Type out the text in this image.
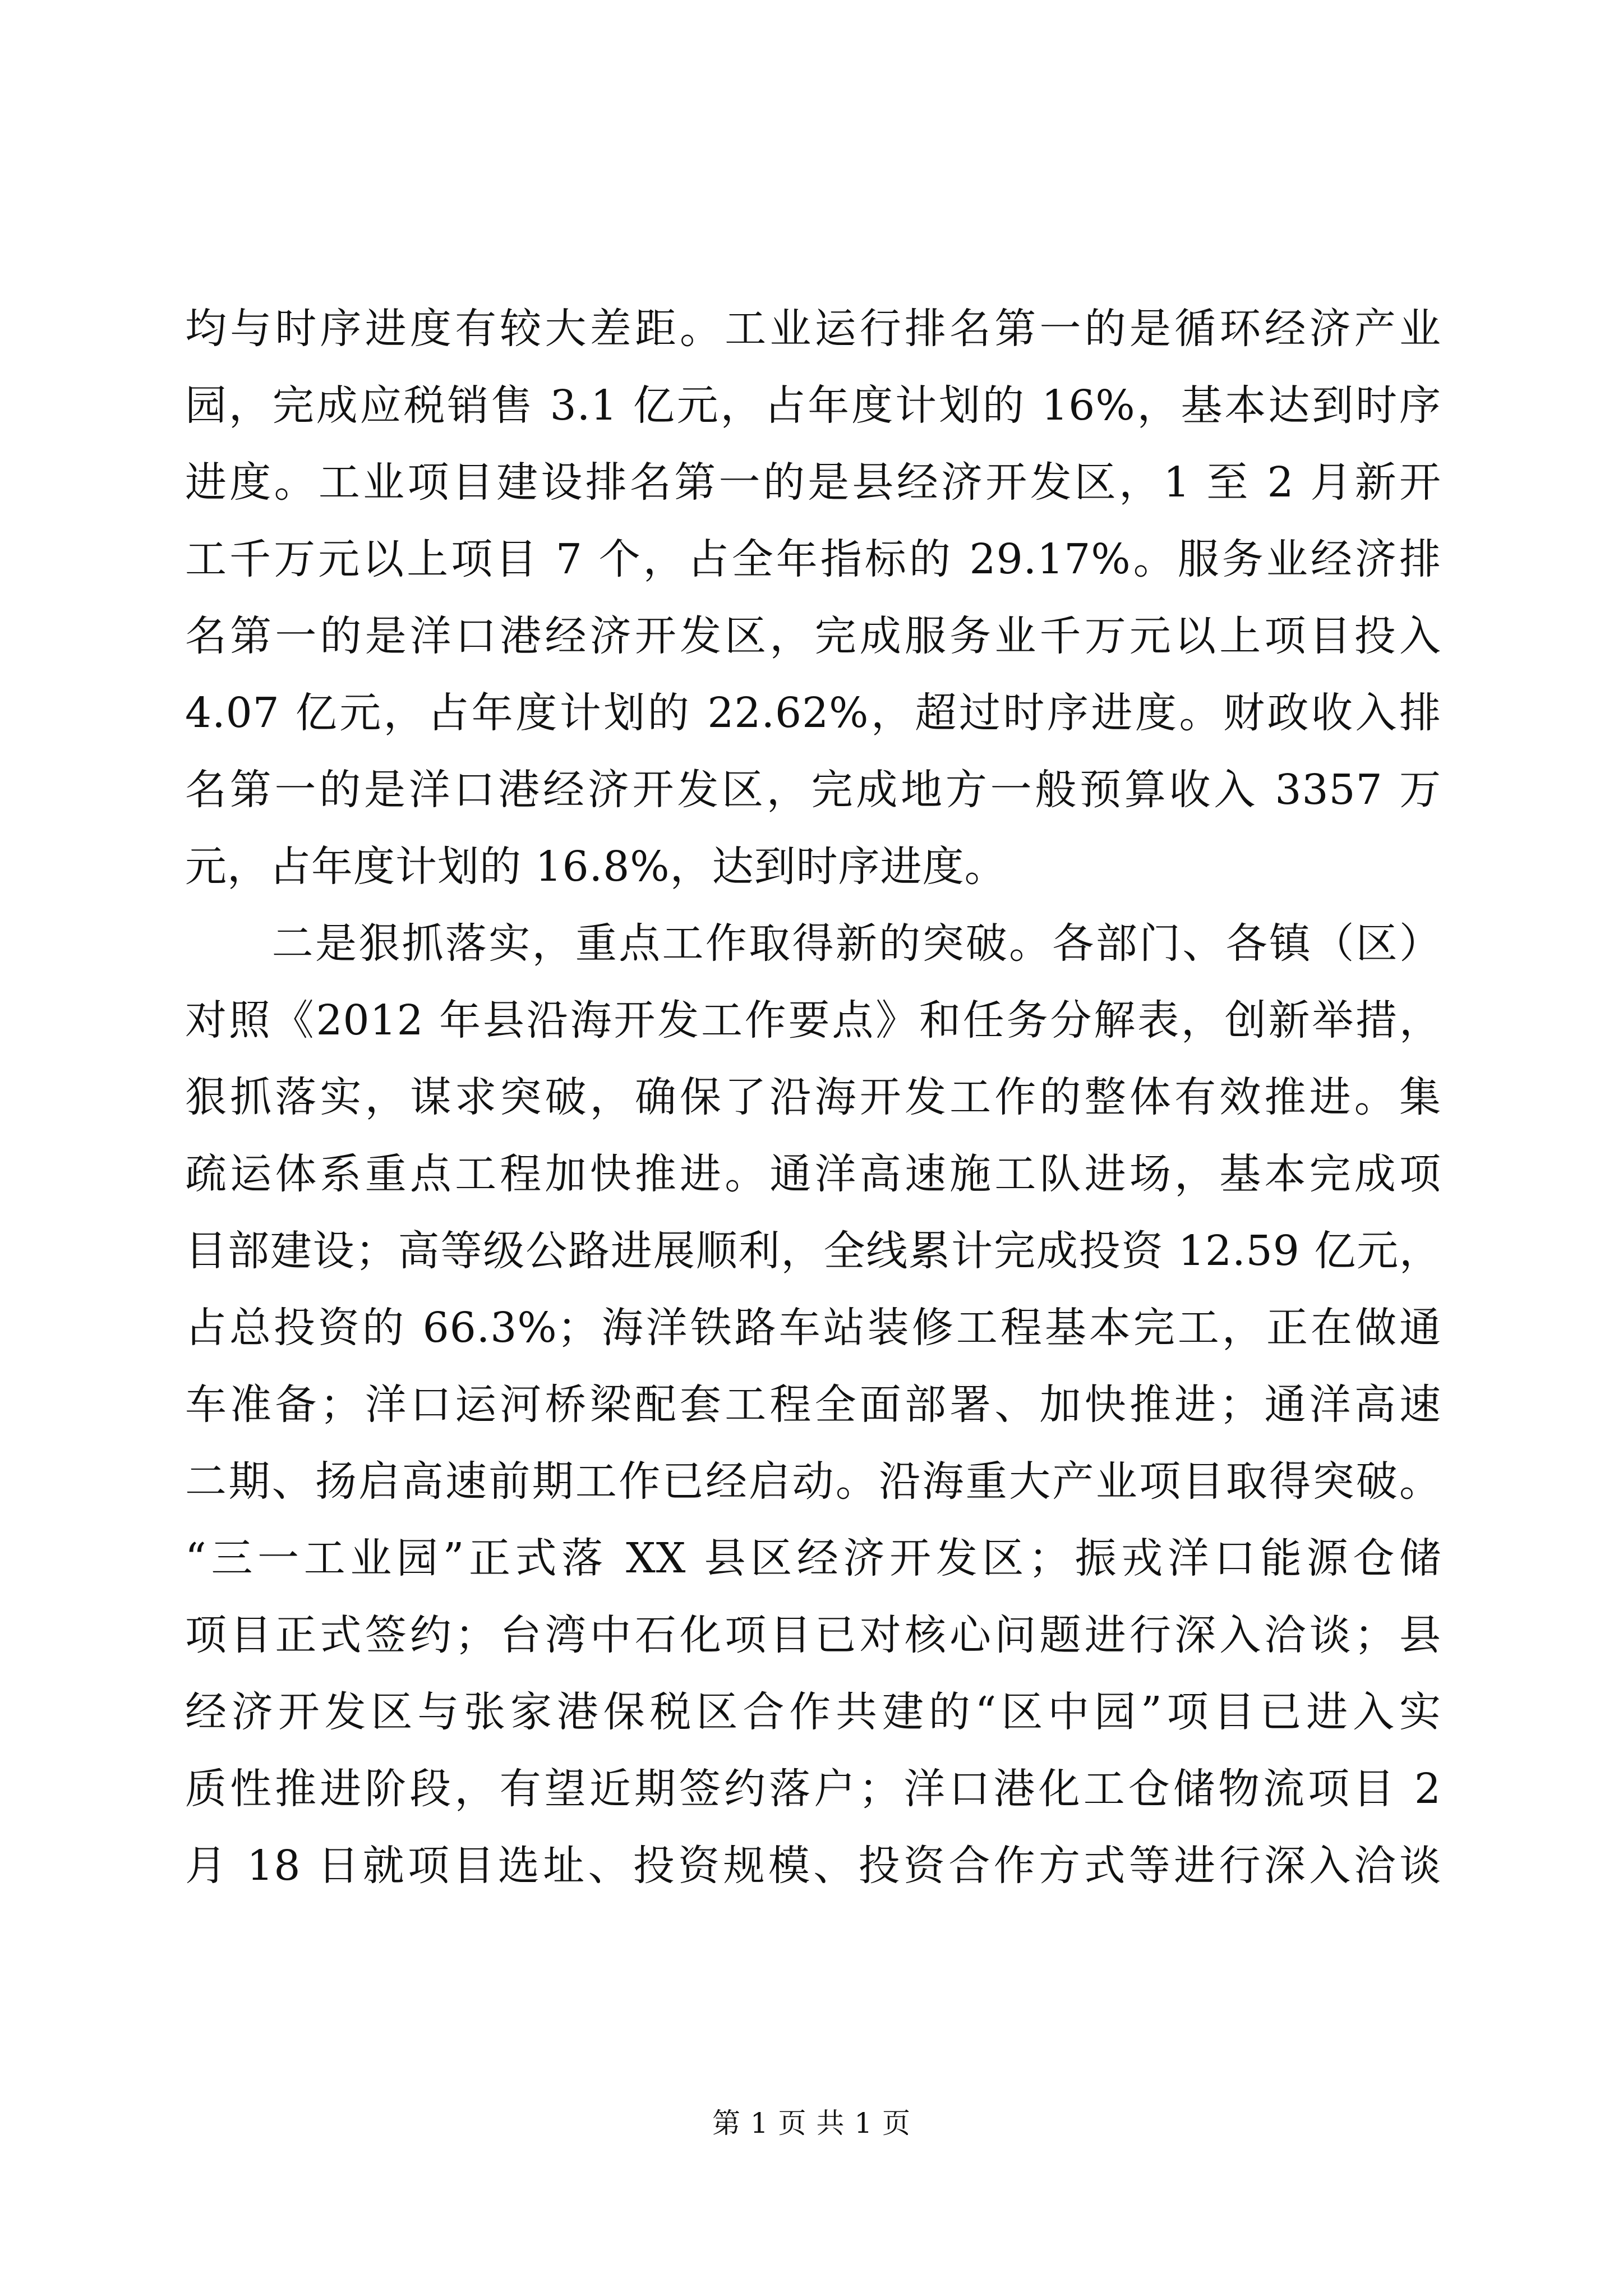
均与时序进度有较大差距。工业运行排名第一的是循环经济产业
园，完成应税销售 3.1 亿元，占年度计划的 16%，基本达到时序
进度。工业项目建设排名第一的是县经济开发区，1 至 2 月新开
工千万元以上项目 7 个，占全年指标的 29.17%。服务业经济排
名第一的是洋口港经济开发区，完成服务业千万元以上项目投入
4.07 亿元，占年度计划的 22.62%，超过时序进度。财政收入排
名第一的是洋口港经济开发区，完成地方一般预算收入 3357 万
元，占年度计划的 16.8%，达到时序进度。
　　二是狠抓落实，重点工作取得新的突破。各部门、各镇（区）
对照《2012 年县沿海开发工作要点》和任务分解表，创新举措，
狠抓落实，谋求突破，确保了沿海开发工作的整体有效推进。集
疏运体系重点工程加快推进。通洋高速施工队进场，基本完成项
目部建设；高等级公路进展顺利，全线累计完成投资 12.59 亿元，
占总投资的 66.3%；海洋铁路车站装修工程基本完工，正在做通
车准备；洋口运河桥梁配套工程全面部署、加快推进；通洋高速
二期、扬启高速前期工作已经启动。沿海重大产业项目取得突破。
“三一工业园”正式落 XX 县区经济开发区；振戎洋口能源仓储
项目正式签约；台湾中石化项目已对核心问题进行深入洽谈；县
经济开发区与张家港保税区合作共建的“区中园”项目已进入实
质性推进阶段，有望近期签约落户；洋口港化工仓储物流项目 2
月 18 日就项目选址、投资规模、投资合作方式等进行深入洽谈
第 1 页 共 1 页
